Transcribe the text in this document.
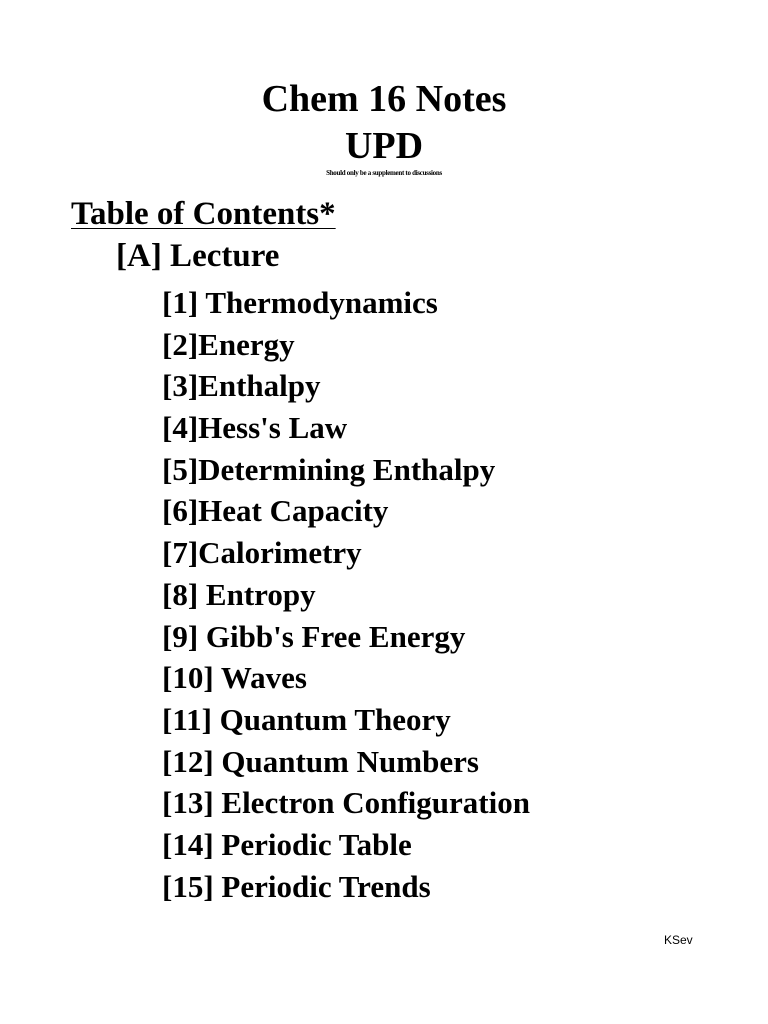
Chem 16 Notes
UPD
Should only be a supplement to discussions
Table of Contents*
[A] Lecture
[1] Thermodynamics
[2]Energy
[3]Enthalpy
[4]Hess's Law
[5]Determining Enthalpy
[6]Heat Capacity
[7]Calorimetry
[8] Entropy
[9] Gibb's Free Energy
[10] Waves
[11] Quantum Theory
[12] Quantum Numbers
[13] Electron Configuration
[14] Periodic Table
[15] Periodic Trends
KSev
